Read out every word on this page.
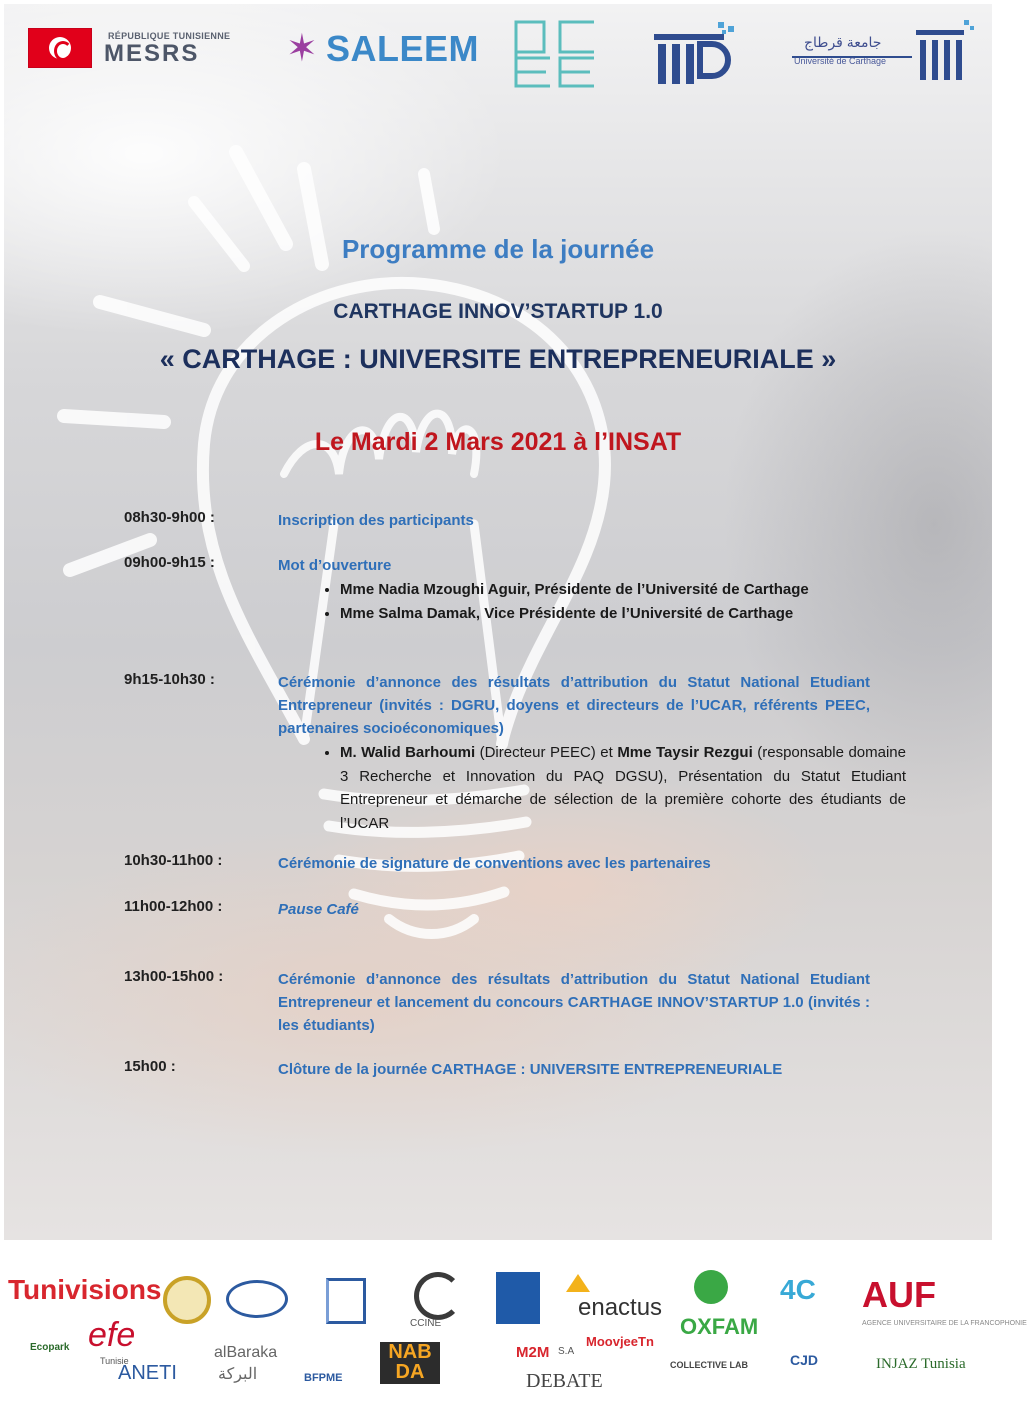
RÉPUBLIQUE TUNISIENNE
MESRS ✶ SALEEM	جامعة قرطاج
Université de Carthage
Programme de la journée
CARTHAGE INNOV’STARTUP 1.0
« CARTHAGE : UNIVERSITE ENTREPRENEURIALE »
Le Mardi 2 Mars 2021 à l’INSAT
08h30-9h00 :	Inscription des participants
09h00-9h15 :	Mot d’ouverture
• Mme Nadia Mzoughi Aguir, Présidente de l’Université de Carthage
• Mme Salma Damak, Vice Présidente de l’Université de Carthage
9h15-10h30 :	Cérémonie d’annonce des résultats d’attribution du Statut National Etudiant Entrepreneur (invités : DGRU, doyens et directeurs de l’UCAR, référents PEEC, partenaires socioéconomiques)
• M. Walid Barhoumi (Directeur PEEC) et Mme Taysir Rezgui (responsable domaine 3 Recherche et Innovation du PAQ DGSU), Présentation du Statut Etudiant Entrepreneur et démarche de sélection de la première cohorte des étudiants de l’UCAR
10h30-11h00 :	Cérémonie de signature de conventions avec les partenaires
11h00-12h00 :	Pause Café
13h00-15h00 :	Cérémonie d’annonce des résultats d’attribution du Statut National Etudiant Entrepreneur et lancement du concours CARTHAGE INNOV’STARTUP 1.0 (invités : les étudiants)
15h00 :	Clôture de la journée CARTHAGE : UNIVERSITE ENTREPRENEURIALE
Tunivisions
CCINE
enactus
OXFAM
4C AUF
AGENCE UNIVERSITAIRE DE LA FRANCOPHONIE
Ecopark efe
Tunisie
ANETI
alBaraka
البركة	BFPME
NAB
DA
M2M S.A
MoovjeeTn
DEBATE
COLLECTIVE LAB	CJD	INJAZ Tunisia
